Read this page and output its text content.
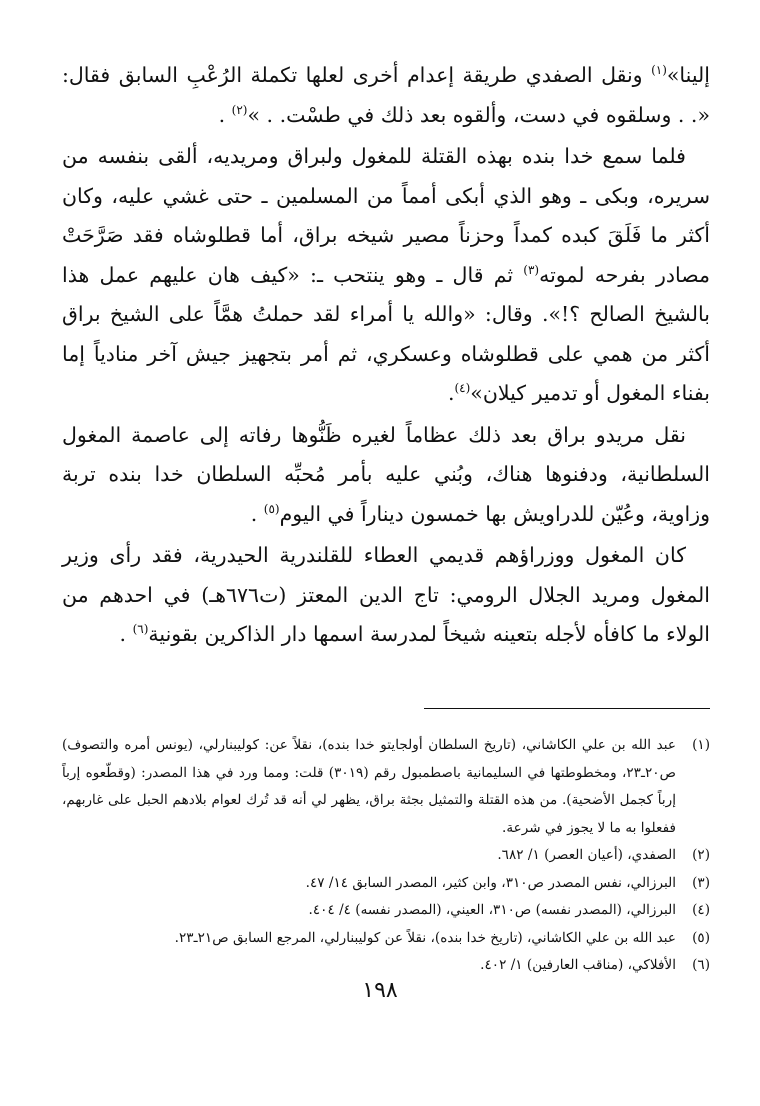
إلينا»$^{(١)}$ ونقل الصفدي طريقة إعدام أخرى لعلها تكملة الرُعْبِ السابق فقال: «. . وسلقوه في دست، وألقوه بعد ذلك في طسْت. . »$^{(٢)}$ .

فلما سمع خدا بنده بهذه القتلة للمغول ولبراق ومريديه، ألقى بنفسه من سريره، وبكى ـ وهو الذي أبكى أمماً من المسلمين ـ حتى غشي عليه، وكان أكثر ما فَلَقَ كبده كمداً وحزناً مصير شيخه براق، أما قطلوشاه فقد صَرَّحَتْ مصادر بفرحه لموته$^{(٣)}$ ثم قال ـ وهو ينتحب ـ: «كيف هان عليهم عمل هذا بالشيخ الصالح ؟!». وقال: «والله يا أمراء لقد حملتُ همَّاً على الشيخ براق أكثر من همي على قطلوشاه وعسكري، ثم أمر بتجهيز جيش آخر منادياً إما بفناء المغول أو تدمير كيلان»$^{(٤)}$.

نقل مريدو براق بعد ذلك عظاماً لغيره ظَنُّوها رفاته إلى عاصمة المغول السلطانية، ودفنوها هناك، وبُني عليه بأمر مُحبِّه السلطان خدا بنده تربة وزاوية، وعُيّن للدراويش بها خمسون ديناراً في اليوم$^{(٥)}$ .

كان المغول ووزراؤهم قديمي العطاء للقلندرية الحيدرية، فقد رأى وزير المغول ومريد الجلال الرومي: تاج الدين المعتز (ت٦٧٦هـ) في احدهم من الولاء ما كافأه لأجله بتعينه شيخاً لمدرسة اسمها دار الذاكرين بقونية$^{(٦)}$ .

(١)
عبد الله بن علي الكاشاني، (تاريخ السلطان أولجايتو خدا بنده)، نقلاً عن: كوليبنارلي، (يونس أمره والتصوف) ص٢٠ـ٢٣، ومخطوطتها في السليمانية باصطمبول رقم (٣٠١٩) قلت: ومما ورد في هذا المصدر: (وقطّعوه إرباً إرباً كجمل الأضحية). من هذه القتلة والتمثيل بجثة براق، يظهر لي أنه قد تُرك لعوام بلادهم الحبل على غاربهم، ففعلوا به ما لا يجوز في شرعة.
(٢)
الصفدي، (أعيان العصر) ١/ ٦٨٢.
(٣)
البرزالي، نفس المصدر ص٣١٠، وابن كثير، المصدر السابق ١٤/ ٤٧.
(٤)
البرزالي، (المصدر نفسه) ص٣١٠، العيني، (المصدر نفسه) ٤/ ٤٠٤.
(٥)
عبد الله بن علي الكاشاني، (تاريخ خدا بنده)، نقلاً عن كوليبنارلي، المرجع السابق ص٢١ـ٢٣.
(٦)
الأفلاكي، (مناقب العارفين) ١/ ٤٠٢.
١٩٨
